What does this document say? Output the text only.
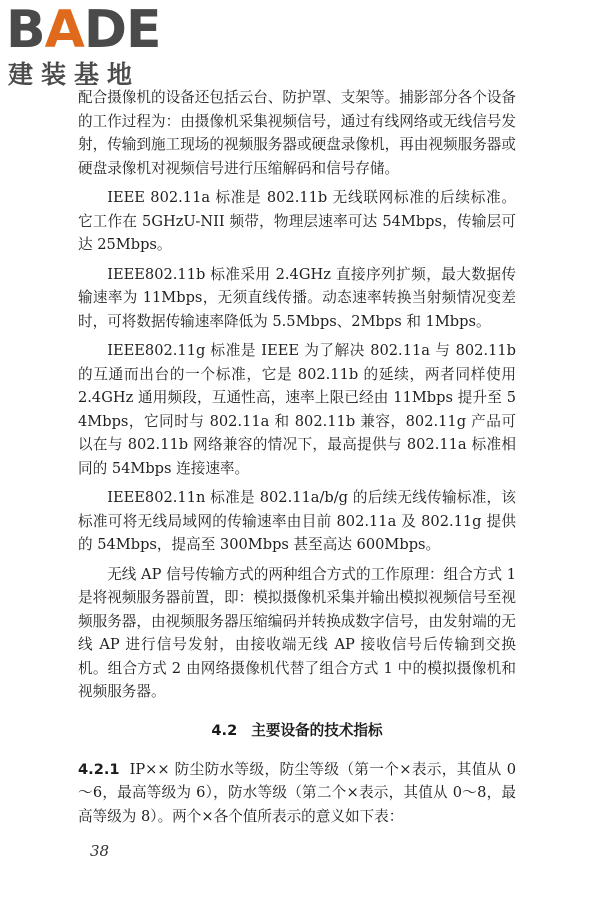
BADE
建装基地

配合摄像机的设备还包括云台、防护罩、支架等。捕影部分各个设备的工作过程为：由摄像机采集视频信号，通过有线网络或无线信号发射，传输到施工现场的视频服务器或硬盘录像机，再由视频服务器或硬盘录像机对视频信号进行压缩解码和信号存储。

IEEE 802.11a 标准是 802.11b 无线联网标准的后续标准。它工作在 5GHzU-NII 频带，物理层速率可达 54Mbps，传输层可达 25Mbps。

IEEE802.11b 标准采用 2.4GHz 直接序列扩频，最大数据传输速率为 11Mbps，无须直线传播。动态速率转换当射频情况变差时，可将数据传输速率降低为 5.5Mbps、2Mbps 和 1Mbps。

IEEE802.11g 标准是 IEEE 为了解决 802.11a 与 802.11b 的互通而出台的一个标准，它是 802.11b 的延续，两者同样使用 2.4GHz 通用频段，互通性高，速率上限已经由 11Mbps 提升至 54Mbps，它同时与 802.11a 和 802.11b 兼容，802.11g 产品可以在与 802.11b 网络兼容的情况下，最高提供与 802.11a 标准相同的 54Mbps 连接速率。

IEEE802.11n 标准是 802.11a/b/g 的后续无线传输标准，该标准可将无线局域网的传输速率由目前 802.11a 及 802.11g 提供的 54Mbps，提高至 300Mbps 甚至高达 600Mbps。

无线 AP 信号传输方式的两种组合方式的工作原理：组合方式 1 是将视频服务器前置，即：模拟摄像机采集并输出模拟视频信号至视频服务器，由视频服务器压缩编码并转换成数字信号，由发射端的无线 AP 进行信号发射，由接收端无线 AP 接收信号后传输到交换机。组合方式 2 由网络摄像机代替了组合方式 1 中的模拟摄像机和视频服务器。

4.2 主要设备的技术指标

4.2.1 IP×× 防尘防水等级，防尘等级（第一个×表示，其值从 0～6，最高等级为 6），防水等级（第二个×表示，其值从 0～8，最高等级为 8）。两个×各个值所表示的意义如下表：

38
